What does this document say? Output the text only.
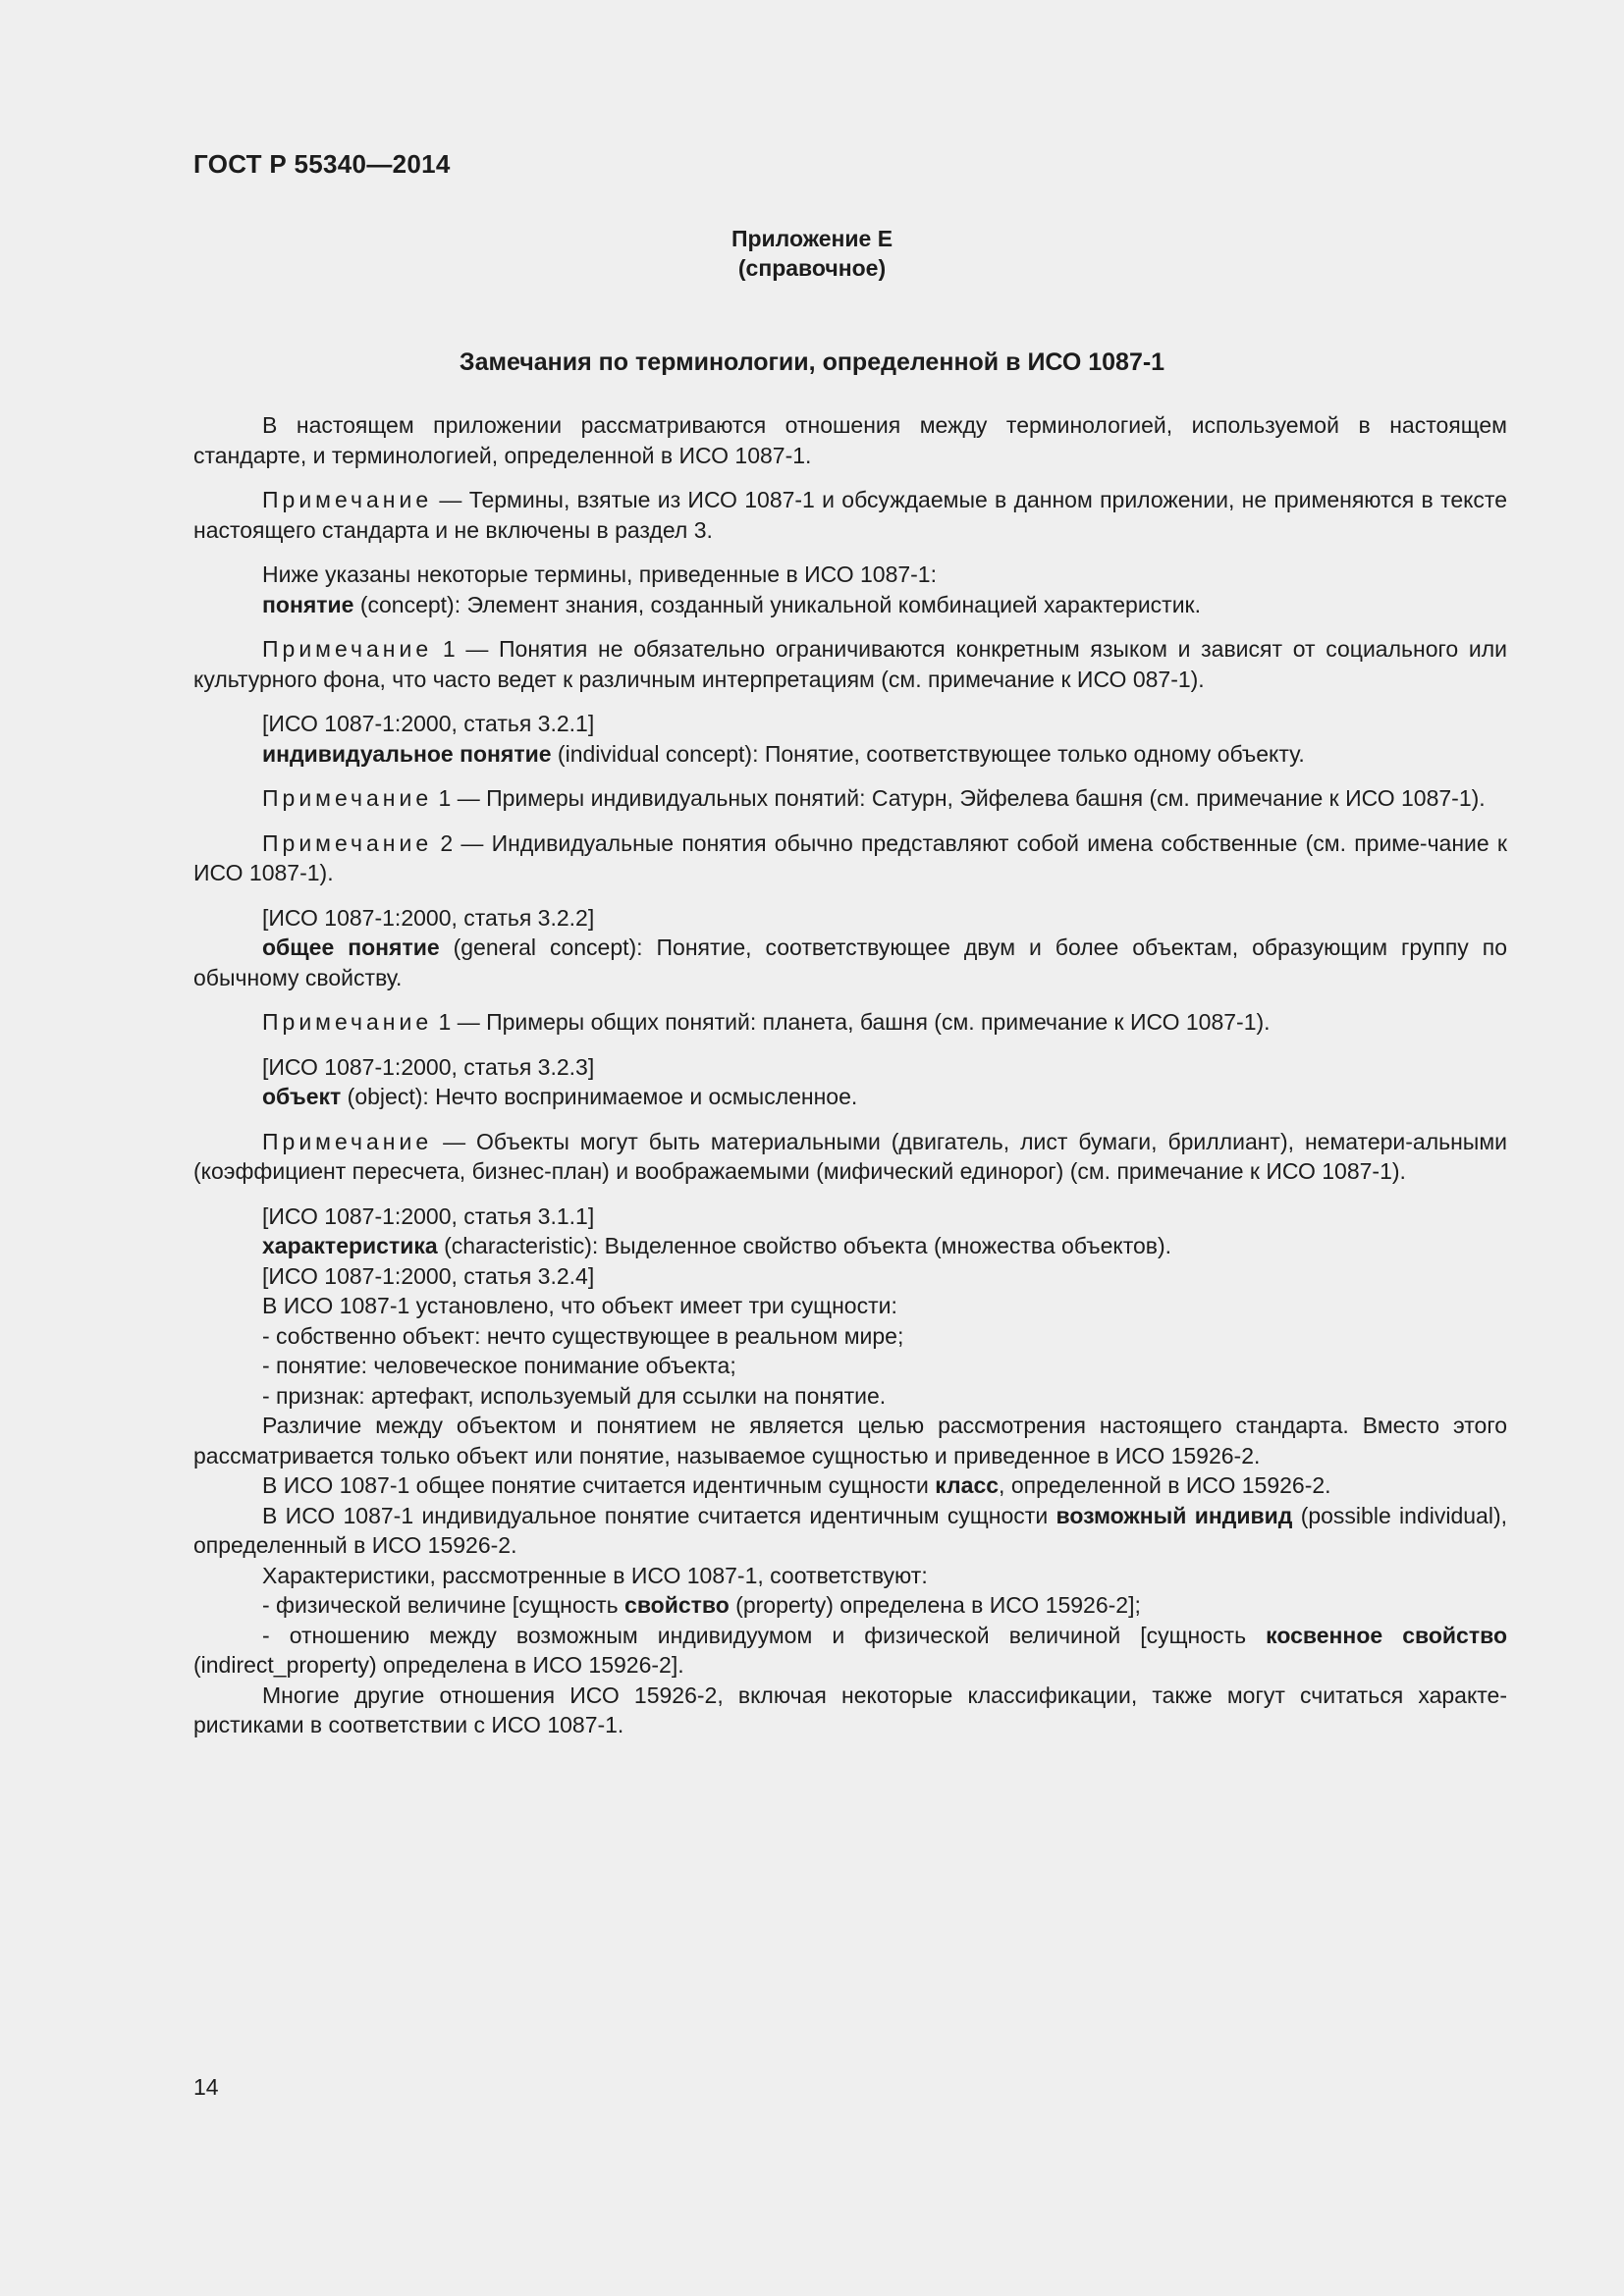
ГОСТ Р 55340—2014
Приложение Е
(справочное)
Замечания по терминологии, определенной в ИСО 1087-1

В настоящем приложении рассматриваются отношения между терминологией, используемой в настоящем стандарте, и терминологией, определенной в ИСО 1087-1.

Примечание — Термины, взятые из ИСО 1087-1 и обсуждаемые в данном приложении, не применяются в тексте настоящего стандарта и не включены в раздел 3.

Ниже указаны некоторые термины, приведенные в ИСО 1087-1:

понятие (concept): Элемент знания, созданный уникальной комбинацией характеристик.

Примечание 1 — Понятия не обязательно ограничиваются конкретным языком и зависят от социального или культурного фона, что часто ведет к различным интерпретациям (см. примечание к ИСО 087-1).

[ИСО 1087-1:2000, статья 3.2.1]

индивидуальное понятие (individual concept): Понятие, соответствующее только одному объекту.

Примечание 1 — Примеры индивидуальных понятий: Сатурн, Эйфелева башня (см. примечание к ИСО 1087-1).

Примечание 2 — Индивидуальные понятия обычно представляют собой имена собственные (см. приме-чание к ИСО 1087-1).

[ИСО 1087-1:2000, статья 3.2.2]

общее понятие (general concept): Понятие, соответствующее двум и более объектам, образующим группу по обычному свойству.

Примечание 1 — Примеры общих понятий: планета, башня (см. примечание к ИСО 1087-1).

[ИСО 1087-1:2000, статья 3.2.3]

объект (object): Нечто воспринимаемое и осмысленное.

Примечание — Объекты могут быть материальными (двигатель, лист бумаги, бриллиант), нематери-альными (коэффициент пересчета, бизнес-план) и воображаемыми (мифический единорог) (см. примечание к ИСО 1087-1).

[ИСО 1087-1:2000, статья 3.1.1]

характеристика (characteristic): Выделенное свойство объекта (множества объектов).

[ИСО 1087-1:2000, статья 3.2.4]

В ИСО 1087-1 установлено, что объект имеет три сущности:

- собственно объект: нечто существующее в реальном мире;

- понятие: человеческое понимание объекта;

- признак: артефакт, используемый для ссылки на понятие.

Различие между объектом и понятием не является целью рассмотрения настоящего стандарта. Вместо этого рассматривается только объект или понятие, называемое сущностью и приведенное в ИСО 15926-2.

В ИСО 1087-1 общее понятие считается идентичным сущности класс, определенной в ИСО 15926-2.

В ИСО 1087-1 индивидуальное понятие считается идентичным сущности возможный индивид (possible individual), определенный в ИСО 15926-2.

Характеристики, рассмотренные в ИСО 1087-1, соответствуют:

- физической величине [сущность свойство (property) определена в ИСО 15926-2];

- отношению между возможным индивидуумом и физической величиной [сущность косвенное свойство (indirect_property) определена в ИСО 15926-2].

Многие другие отношения ИСО 15926-2, включая некоторые классификации, также могут считаться характе-ристиками в соответствии с ИСО 1087-1.

14
